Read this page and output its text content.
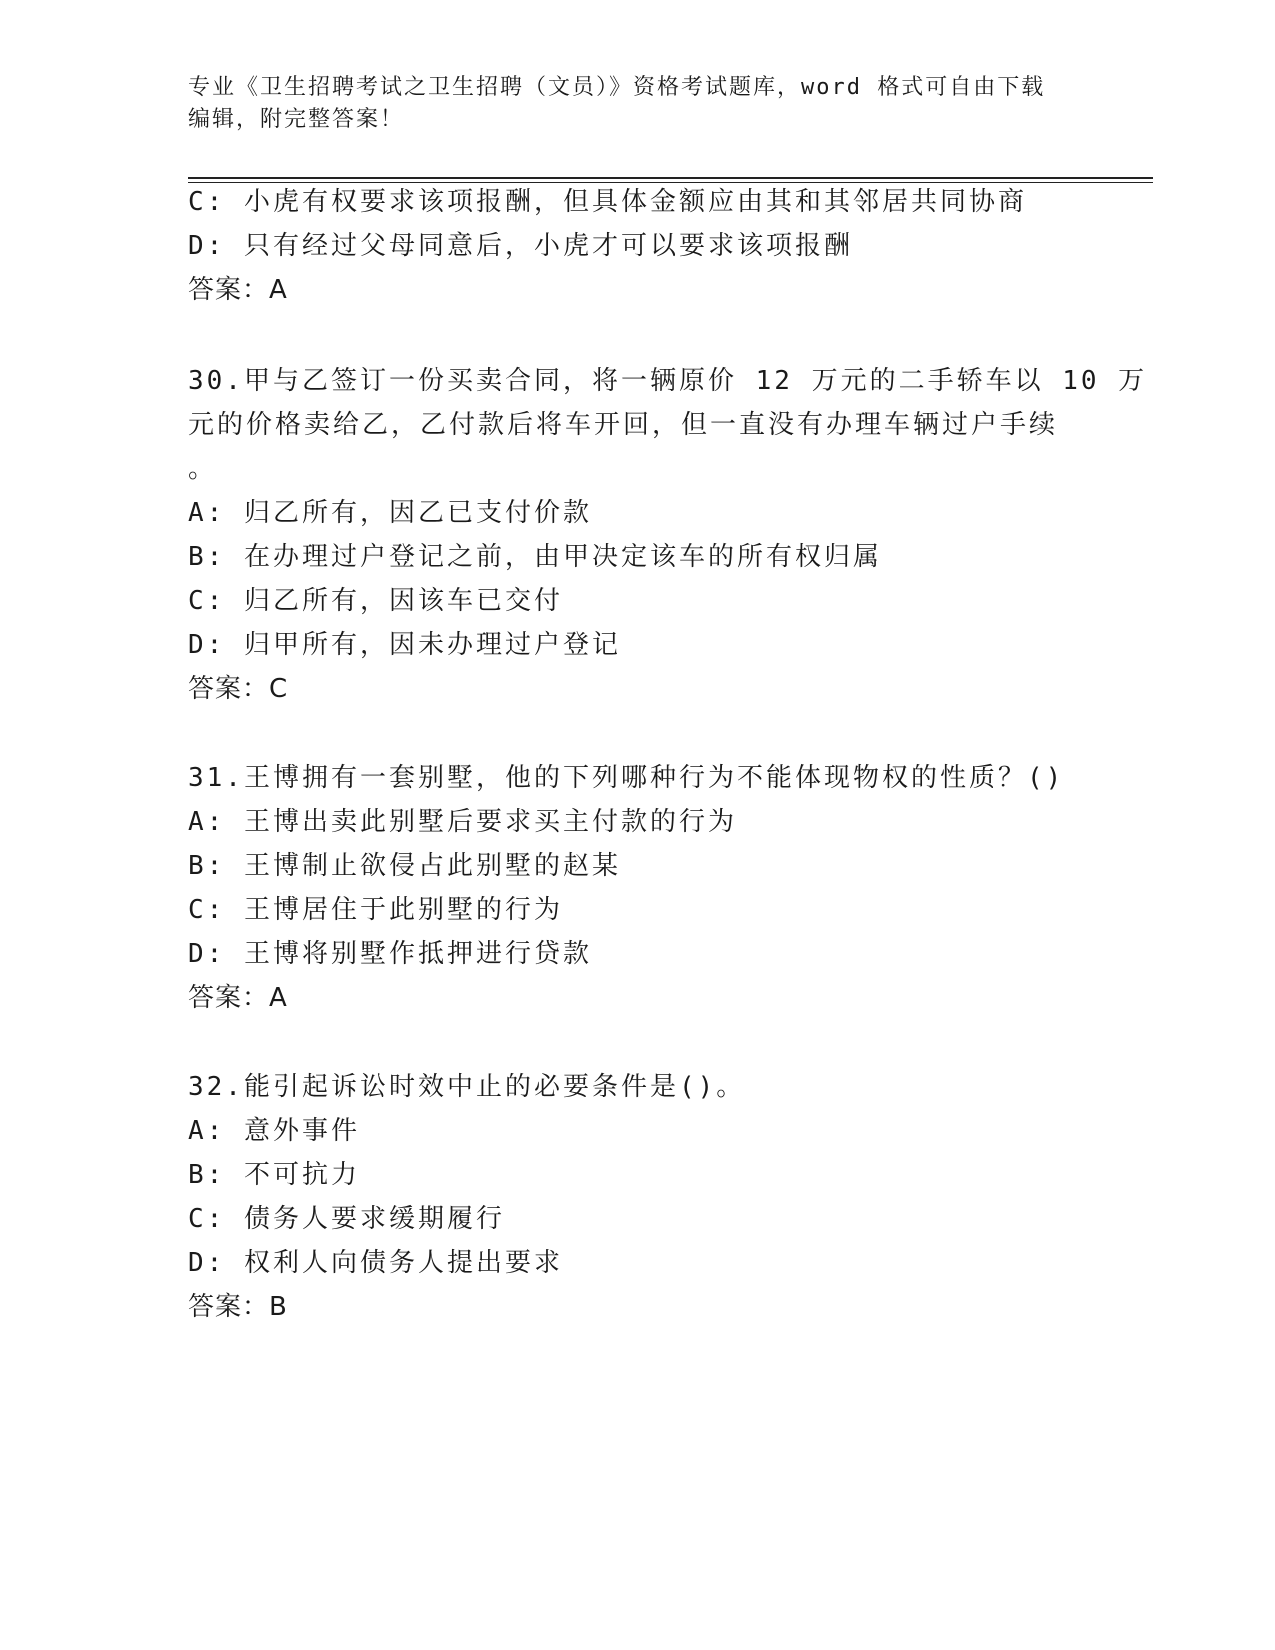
专业《卫生招聘考试之卫生招聘（文员）》资格考试题库，word 格式可自由下载
编辑，附完整答案！
C: 小虎有权要求该项报酬，但具体金额应由其和其邻居共同协商
D: 只有经过父母同意后，小虎才可以要求该项报酬
答案：A
30.甲与乙签订一份买卖合同，将一辆原价 12 万元的二手轿车以 10 万
元的价格卖给乙，乙付款后将车开回，但一直没有办理车辆过户手续
。
A: 归乙所有，因乙已支付价款
B: 在办理过户登记之前，由甲决定该车的所有权归属
C: 归乙所有，因该车已交付
D: 归甲所有，因未办理过户登记
答案：C
31.王博拥有一套别墅，他的下列哪种行为不能体现物权的性质？()
A: 王博出卖此别墅后要求买主付款的行为
B: 王博制止欲侵占此别墅的赵某
C: 王博居住于此别墅的行为
D: 王博将别墅作抵押进行贷款
答案：A
32.能引起诉讼时效中止的必要条件是()。
A: 意外事件
B: 不可抗力
C: 债务人要求缓期履行
D: 权利人向债务人提出要求
答案：B
